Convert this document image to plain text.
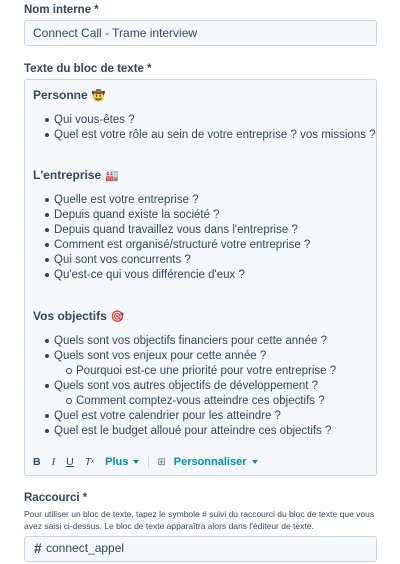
Nom interne *
Connect Call - Trame interview
Texte du bloc de texte *
Personne 🤠
Qui vous-êtes ?
Quel est votre rôle au sein de votre entreprise ? vos missions ?
L'entreprise 🏭
Quelle est votre entreprise ?
Depuis quand existe la société ?
Depuis quand travaillez vous dans l'entreprise ?
Comment est organisé/structuré votre entreprise ?
Qui sont vos concurrents ?
Qu'est-ce qui vous différencie d'eux ?
Vos objectifs 🎯
Quels sont vos objectifs financiers pour cette année ?
Quels sont vos enjeux pour cette année ?
Pourquoi est-ce une priorité pour votre entreprise ?
Quels sont vos autres objectifs de développement ?
Comment comptez-vous atteindre ces objectifs ?
Quel est votre calendrier pour les atteindre ?
Quel est le budget alloué pour atteindre ces objectifs ?
B I U T x Plus	⊞ Personnaliser
Raccourci *
Pour utiliser un bloc de texte, tapez le symbole # suivi du raccourci du bloc de texte que vous avez saisi ci-dessus. Le bloc de texte apparaîtra alors dans l'éditeur de texte.
# connect_appel
